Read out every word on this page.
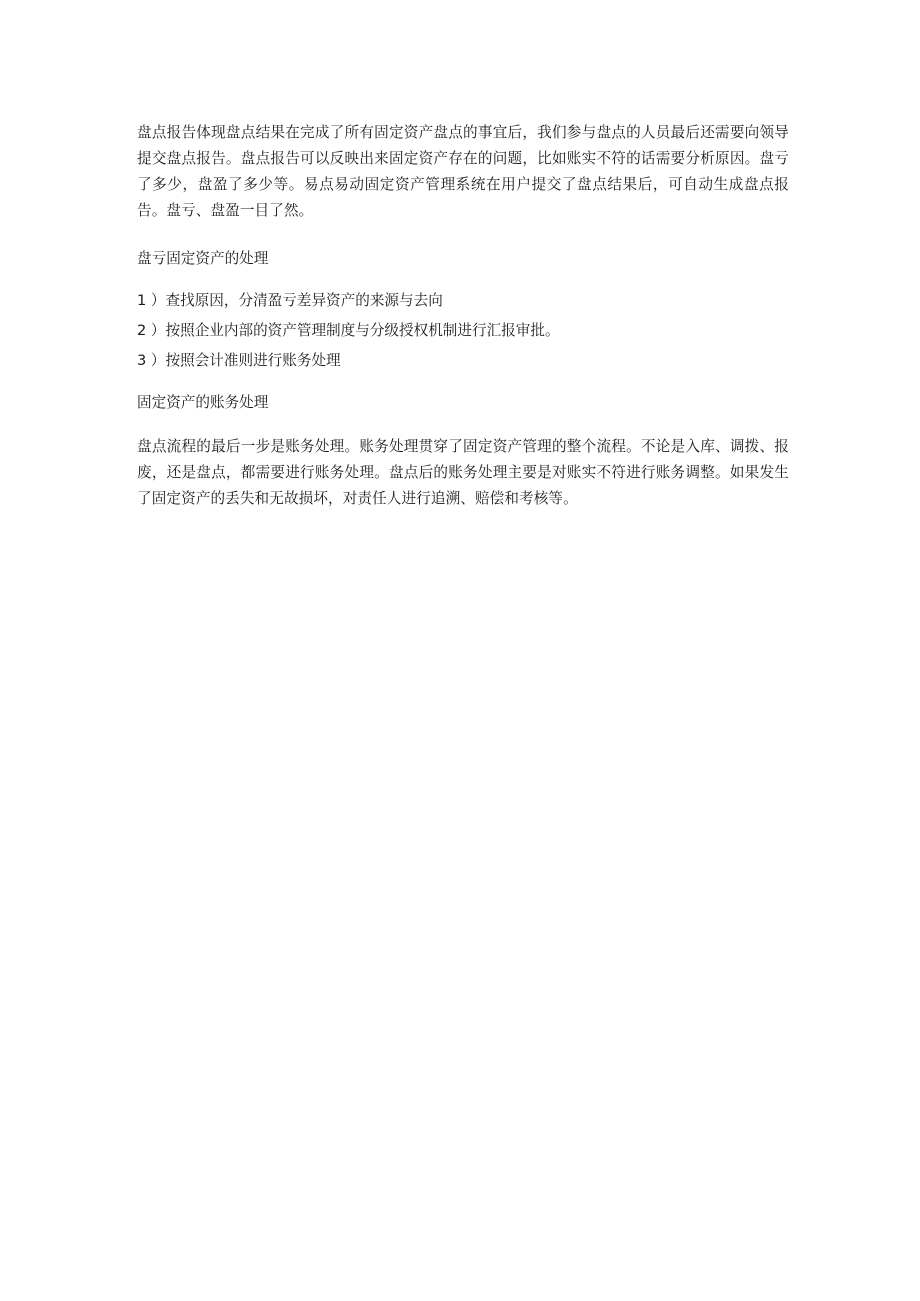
盘点报告体现盘点结果在完成了所有固定资产盘点的事宜后，我们参与盘点的人员最后还需要向领导提交盘点报告。盘点报告可以反映出来固定资产存在的问题，比如账实不符的话需要分析原因。盘亏了多少，盘盈了多少等。易点易动固定资产管理系统在用户提交了盘点结果后，可自动生成盘点报告。盘亏、盘盈一目了然。

盘亏固定资产的处理

1 ）查找原因，分清盈亏差异资产的来源与去向
2 ）按照企业内部的资产管理制度与分级授权机制进行汇报审批。
3 ）按照会计准则进行账务处理

固定资产的账务处理

盘点流程的最后一步是账务处理。账务处理贯穿了固定资产管理的整个流程。不论是入库、调拨、报废，还是盘点，都需要进行账务处理。盘点后的账务处理主要是对账实不符进行账务调整。如果发生了固定资产的丢失和无故损坏，对责任人进行追溯、赔偿和考核等。
